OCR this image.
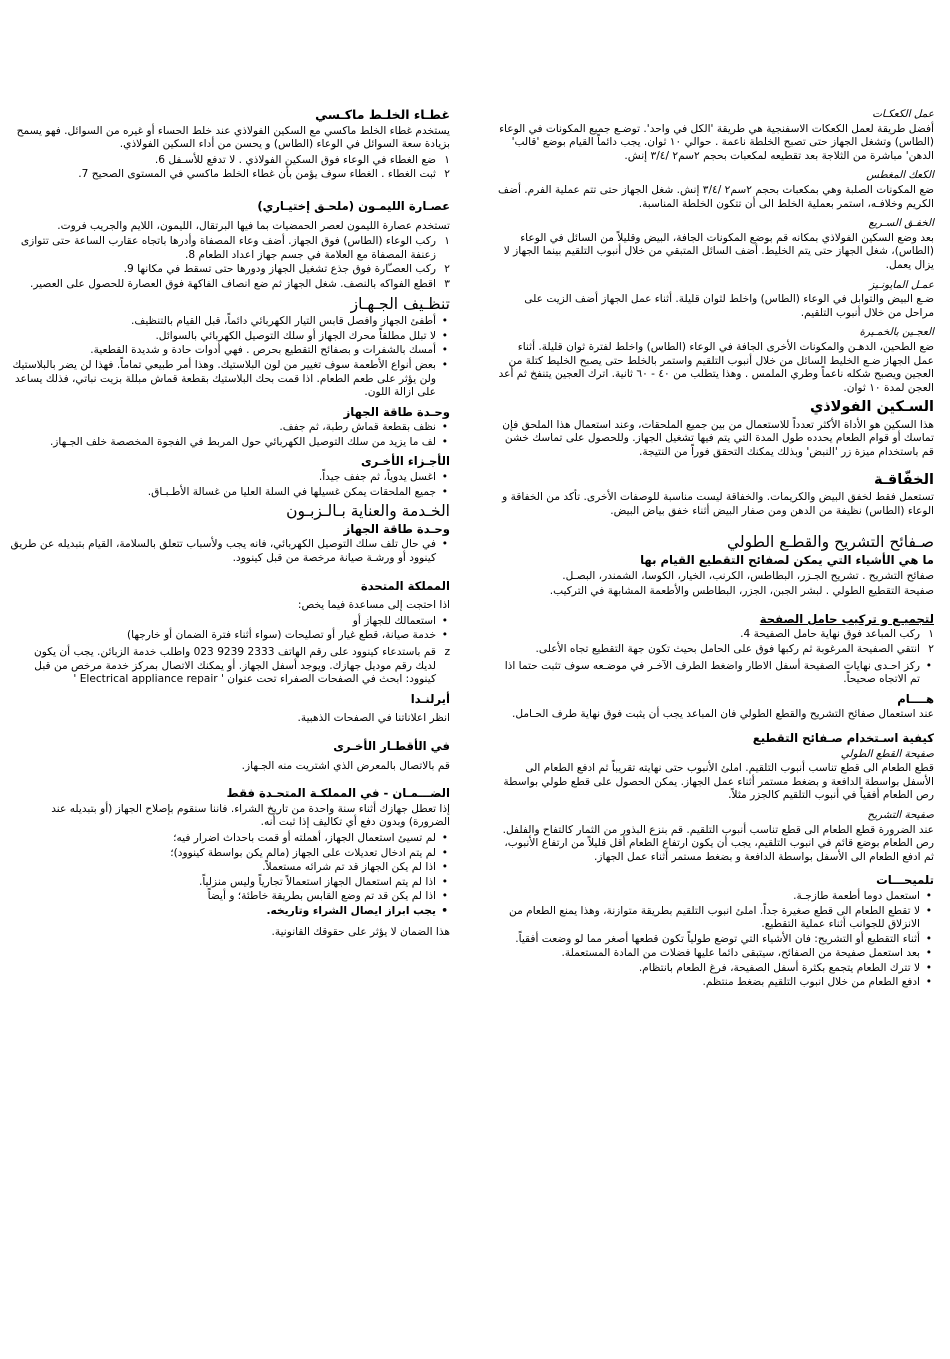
غطـاء الخلـط ماكـسي
يستخدم غطاء الخلط ماكسي مع السكين الفولاذي عند خلط الحساء أو غيره من السوائل. فهو يسمح بزيادة سعة السوائل في الوعاء (الطاس) و يحسن من أداء السكين الفولاذي.
١
ضع الغطاء في الوعاء فوق السكين الفولاذي . لا تدفع للأسـفل 6.
٢
ثبت الغطاء . الغطاء سوف يؤمن بأن غطاء الخلط ماكسي في المستوى الصحيح 7.
عصـارة الليمـون (ملحـق إختيـاري)
تستخدم عصارة الليمون لعصر الحمضيات بما فيها البرتقال، الليمون، اللايم والجريب فروت.
١
ركب الوعاء (الطاس) فوق الجهاز. أضف وعاء المصفاة وأدرها باتجاه عقارب الساعة حتى تتوازى زعنفة المصفاة مع العلامة في جسم جهاز اعداد الطعام 8.
٢
ركب العصـّارة فوق جذع تشغيل الجهاز ودورها حتى تسقط في مكانها 9.
٣
اقطع الفواكه بالنصف. شغل الجهاز ثم ضع انصاف الفاكهة فوق العصارة للحصول على العصير.
تنظـيف الجـهـاز
• أطفئ الجهاز وافصل قابس التيار الكهربائي دائماً، قبل القيام بالتنظيف.
• لا تبلل مطلقاً محرك الجهاز أو سلك التوصيل الكهربائي بالسوائل.
• أمسك بالشفرات و بصفائح التقطيع بحرص . فهي أدوات حادة و شديدة القطعية.
• بعض أنواع الأطعمة سوف تغيير من لون البلاستيك. وهذا أمر طبيعي تماماً. فهذا لن يضر بالبلاستيك ولن يؤثر على طعم الطعام. اذا قمت بحك البلاستيك بقطعة قماش مبللة بزيت نباتي، فذلك يساعد على ازالة اللون.
وحـدة طاقة الجهاز
• نظف بقطعة قماش رطبة، ثم جفف.
• لف ما يزيد من سلك التوصيل الكهربائي حول المربط في الفجوة المخصصة خلف الجـهاز.
الأجـزاء الأخـرى
• اغسل يدوياً، ثم جفف جيداً.
• جميع الملحقات يمكن غسيلها في السلة العليا من غسالة الأطـبـاق.
الخـدمة والعناية بـالـزبـون
وحـدة طاقة الجهاز
• في حال تلف سلك التوصيل الكهربائي، فانه يجب ولأسباب تتعلق بالسلامة، القيام بتبديله عن طريق كينوود أو ورشـة صيانة مرخصة من قبل كينوود.
المملكة المتحدة
اذا احتجت إلى مساعدة فيما يخص:
• استعمالك للجهاز أو
• خدمة صيانة، قطع غيار أو تصليحات (سواء أثناء فترة الضمان أو خارجها)
z
قم باستدعاء كينوود على رقم الهاتف 2333 9239 023 واطلب خدمة الزبائن. يجب أن يكون لديك رقم موديل جهازك. ويوجد أسفل الجهاز. أو يمكنك الاتصال بمركز خدمة مرخص من قبل كينوود: ابحث في الصفحات الصفراء تحت عنوان ' Electrical appliance repair '
أيرلنـدا
انظر اعلاناتنا في الصفحات الذهبية.
في الأقطـار الأخـرى
قم بالاتصال بالمعرض الذي اشتريت منه الجـهاز.
الضـــمـان - في المملكـة المتحـدة فقط
إذا تعطل جهازك أثناء سنة واحدة من تاريخ الشراء. فاننا سنقوم بإصلاح الجهاز (أو بتبديله عند الضرورة) وبدون دفع أي تكاليف إذا ثبت أنه.
• لم تسيئ استعمال الجهاز، أهملته أو قمت باحداث اضرار فيه؛
• لم يتم ادخال تعديلات على الجهاز (مالم يكن بواسطة كينوود)؛
• اذا لم يكن الجهاز قد تم شرائه مستعملاً.
• اذا لم يتم استعمال الجهاز استعمالاً تجارياً وليس منزلياً.
• اذا لم يكن قد تم وضع القابس بطريقة خاطئة؛ و أيضاً
• يجب ابراز ايصال الشراء وتاريخه.
هذا الضمان لا يؤثر على حقوقك القانونية.
عمل الكعكـات
أفضل طريقة لعمل الكعكات الاسفنجية هي طريقة 'الكل في واحد'. توضـع جميع المكونات في الوعاء (الطاس) وتشغل الجهاز حتى تصبح الخلطة ناعمة . حوالي ١٠ ثوان. يجب دائماً القيام بوضع 'قالب' الدهن' مباشرة من الثلاجة بعد تقطيعه لمكعبات بحجم ٢سم٢ /٣/٤ إنش.
الكعك المغطس
ضع المكونات الصلبة وهي بمكعبات بحجم ٢سم٢ /٣/٤ إنش. شغل الجهاز حتى تتم عملية الفرم. أضف الكريم وخلافـه، استمر بعملية الخلط الى أن تتكون الخلطة المناسبة.
الخفـق السـريع
بعد وضع السكين الفولاذي بمكانه قم بوضع المكونات الجافة، البيض وقليلاً من السائل في الوعاء (الطاس)، شغل الجهاز حتى يتم الخليط. أضف السائل المتبقي من خلال أنبوب التلقيم بينما الجهاز لا يزال يعمل.
عمـل المايونـيز
ضـع البيض والتوابل في الوعاء (الطاس) واخلط لثوان قليلة. أثناء عمل الجهاز أضف الزيت على مراحل من خلال أنبوب التلقيم.
العجـين بالخمـيرة
ضع الطحين، الدهـن والمكونات الأخرى الجافة في الوعاء (الطاس) واخلط لفترة ثوان قليلة. أثناء عمل الجهاز ضـع الخليط السائل من خلال أنبوب التلقيم واستمر بالخلط حتى يصبح الخليط كتلة من العجين ويصبح شكله ناعماً وطري الملمس . وهذا يتطلب من ٤٠ - ٦٠ ثانية. اترك العجين يتنفخ ثم أعد العجن لمدة ١٠ ثوان.
السـكين الفولاذي
هذا السكين هو الأداة الأكثر تعدداً للاستعمال من بين جميع الملحقات، وعند استعمال هذا الملحق فإن تماسك أو قوام الطعام يحدده طول المدة التي يتم فيها تشغيل الجهاز. وللحصول على تماسك خشن قم باستخدام ميزة زر 'النبض' وبذلك يمكنك التحقق فوراً من النتيجة.
الخفّاقـة
تستعمل فقط لخفق البيض والكريمات. والخفاقة ليست مناسبة للوصفات الأخرى. تأكد من الخفاقة و الوعاء (الطاس) نظيفة من الدهن ومن صفار البيض أثناء خفق بياض البيض.
صـفائح التشريح والقطـع الطولي
ما هي الأشياء التي يمكن لصفائح التقطيع القيام بها
صفائح التشريح . تشريح الجـزر، البطاطس، الكرنب، الخيار، الكوسا، الشمندر، البصـل.
صفيحة التقطيع الطولي . لبشر الجبن، الجزر، البطاطس والأطعمة المشابهة في التركيب.
لتجميـع و تركيب حامل الصفحة
١
ركب المباعد فوق نهاية حامل الصفيحة 4.
٢
انتقي الصفيحة المرغوبة ثم ركبها فوق على الحامل بحيث تكون جهة التقطيع تجاه الأعلى.
• ركز احـدى نهايات الصفيحة أسفل الاطار واضغط الطرف الآخـر في موضـعه سوف تثبت حتما اذا تم الاتجاه صحيحاً.
هــــام
عند استعمال صفائح التشريح والقطع الطولي فان المباعد يجب أن يثبت فوق نهاية طرف الحـامل.
كيفية اسـتخدام صـفائح التقطيع
صفيحة القطع الطولي
قطع الطعام الى قطع تناسب أنبوب التلقيم. املئ الأنبوب حتى نهايته تقريباً ثم ادفع الطعام الى الأسفل بواسطة الدافعة و بضغط مستمر أثناء عمل الجهاز. يمكن الحصول على قطع طولي بواسطة رص الطعام أفقياً في أنبوب التلقيم كالجزر مثلاً.
صفيحة التشريح
عند الضرورة قطع الطعام الى قطع تناسب أنبوب التلقيم. قم بنزع البذور من الثمار كالتفاح والفلفل. رص الطعام بوضع قائم في انبوب التلقيم، يجب أن يكون ارتفاع الطعام أقل قليلاً من ارتفاع الأنبوب، ثم ادفع الطعام الى الأسفل بواسطة الدافعة و بضغط مستمر أثناء عمل الجهاز.
تلميحـــات
• استعمل دوما أطعمة طازجـة.
• لا تقطع الطعام الى قطع صغيرة جداً. املئ انبوب التلقيم بطريقة متوازنة، وهذا يمنع الطعام من الانزلاق للجوانب أثناء عملية التقطيع.
• أثناء التقطيع أو التشريح: فان الأشياء التي توضع طولياً تكون قطعها أصغر مما لو وضعت أفقياً.
• بعد استعمل صفيحة من الصفائح، سيتبقى دائما عليها فضلات من المادة المستعملة.
• لا تترك الطعام يتجمع بكثرة أسفل الصفيحة، فرغ الطعام بانتظام.
• ادفع الطعام من خلال انبوب التلقيم بضغط منتظم.
